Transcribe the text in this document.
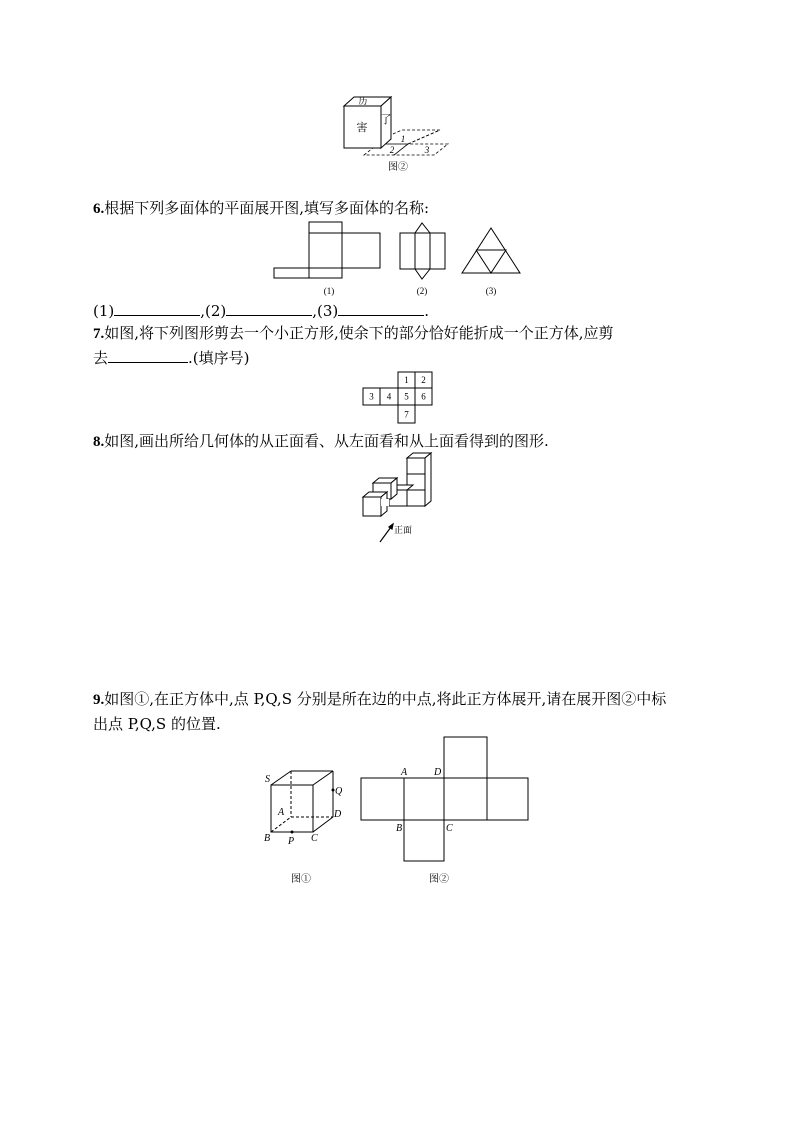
历
害
了
1
2	3
图②
6.根据下列多面体的平面展开图,填写多面体的名称:
(1)	(2)	(3)
(1)	,(2)	,(3)	.
7.如图,将下列图形剪去一个小正方形,使余下的部分恰好能折成一个正方体,应剪
去	.(填序号)
1 2
3 4 5 6
7
8.如图,画出所给几何体的从正面看、从左面看和从上面看得到的图形.
正面
9.如图①,在正方体中,点 P,Q,S 分别是所在边的中点,将此正方体展开,请在展开图②中标
出点 P,Q,S 的位置.
S
Q
A	D
B P C
图①
A	D
B	C
图②
